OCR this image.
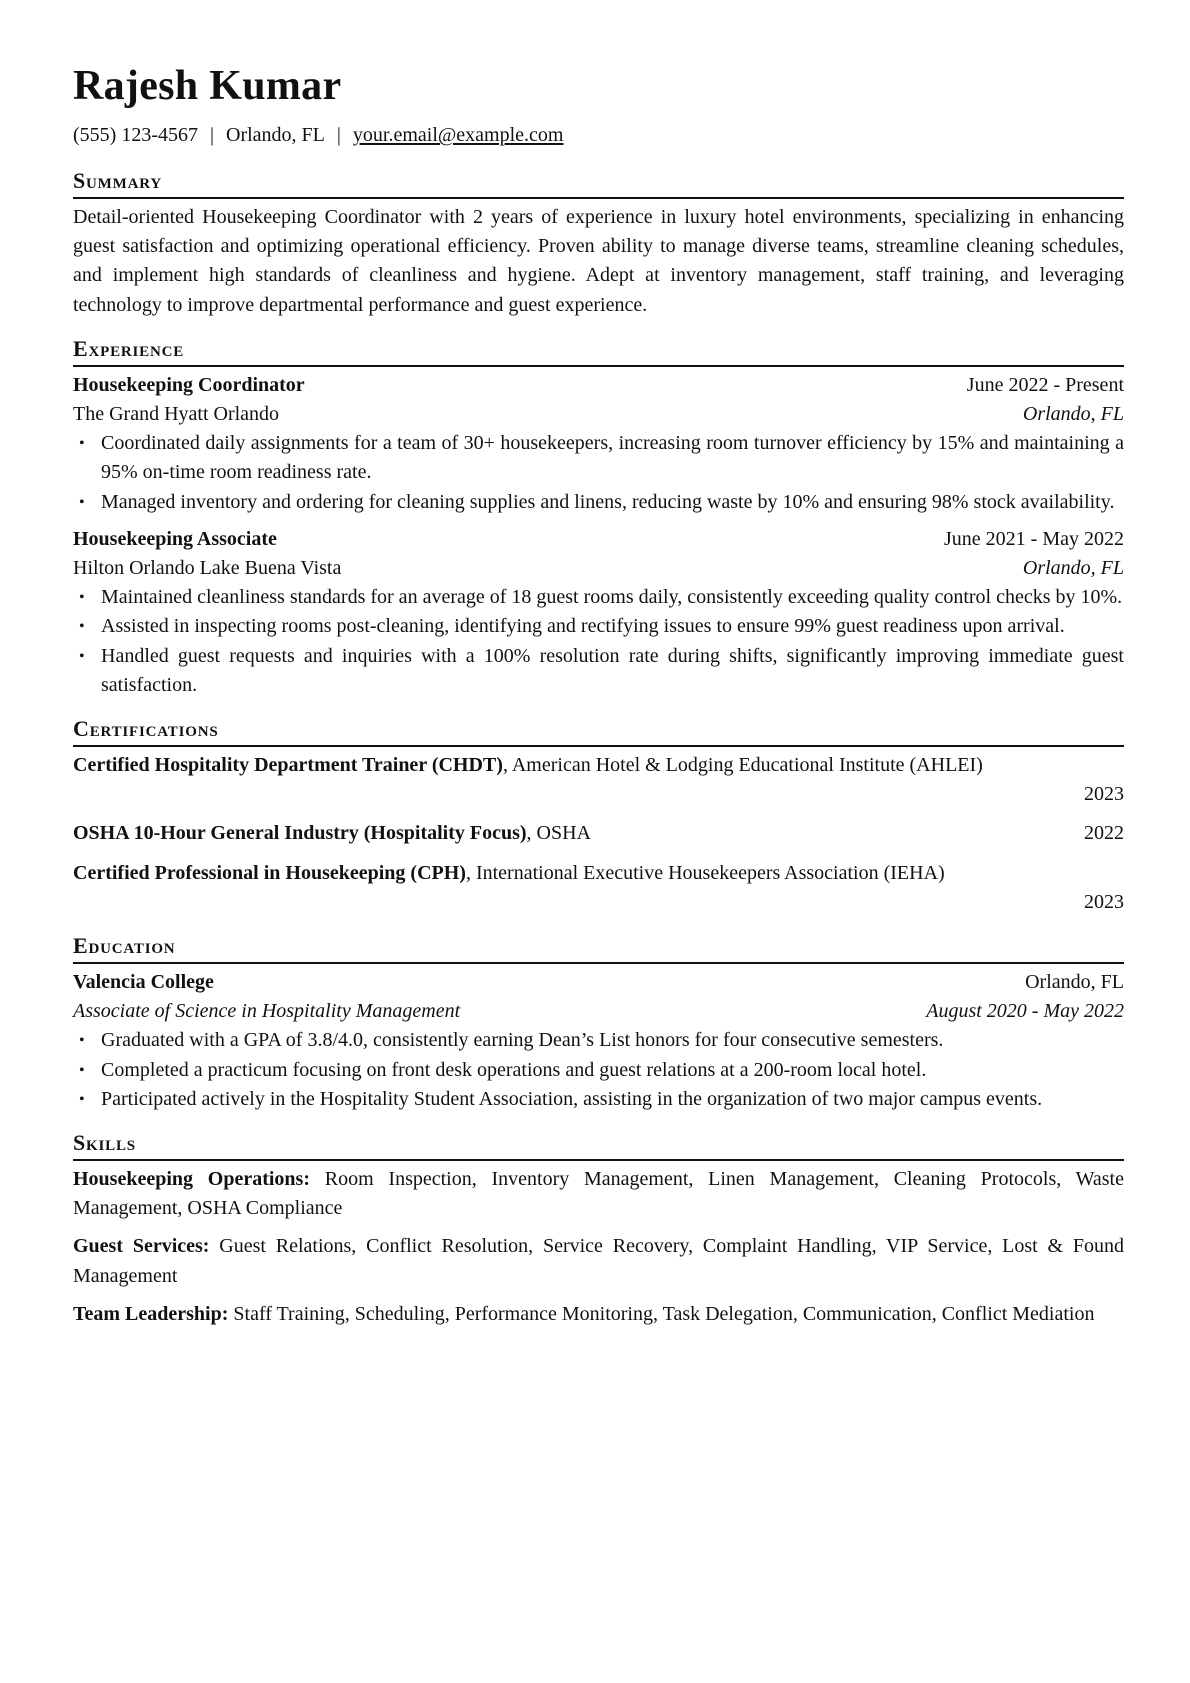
Rajesh Kumar
(555) 123-4567 | Orlando, FL | your.email@example.com
Summary

Detail-oriented Housekeeping Coordinator with 2 years of experience in luxury hotel environments, specializing in enhancing guest satisfaction and optimizing operational efficiency. Proven ability to manage diverse teams, streamline cleaning schedules, and implement high standards of cleanliness and hygiene. Adept at inventory management, staff training, and leveraging technology to improve departmental performance and guest experience.

Experience
Housekeeping Coordinator	June 2022 - Present
The Grand Hyatt Orlando	Orlando, FL
• Coordinated daily assignments for a team of 30+ housekeepers, increasing room turnover efficiency by 15% and maintaining a 95% on-time room readiness rate.
• Managed inventory and ordering for cleaning supplies and linens, reducing waste by 10% and ensuring 98% stock availability.
Housekeeping Associate	June 2021 - May 2022
Hilton Orlando Lake Buena Vista	Orlando, FL
• Maintained cleanliness standards for an average of 18 guest rooms daily, consistently exceeding quality control checks by 10%.
• Assisted in inspecting rooms post-cleaning, identifying and rectifying issues to ensure 99% guest readiness upon arrival.
• Handled guest requests and inquiries with a 100% resolution rate during shifts, significantly improving immediate guest satisfaction.
Certifications
Certified Hospitality Department Trainer (CHDT), American Hotel & Lodging Educational Institute (AHLEI)
2023
OSHA 10-Hour General Industry (Hospitality Focus), OSHA	2022
Certified Professional in Housekeeping (CPH), International Executive Housekeepers Association (IEHA)
2023
Education
Valencia College	Orlando, FL
Associate of Science in Hospitality Management	August 2020 - May 2022
• Graduated with a GPA of 3.8/4.0, consistently earning Dean’s List honors for four consecutive semesters.
• Completed a practicum focusing on front desk operations and guest relations at a 200-room local hotel.
• Participated actively in the Hospitality Student Association, assisting in the organization of two major campus events.
Skills
Housekeeping Operations: Room Inspection, Inventory Management, Linen Management, Cleaning Protocols, Waste Management, OSHA Compliance
Guest Services: Guest Relations, Conflict Resolution, Service Recovery, Complaint Handling, VIP Service, Lost & Found Management
Team Leadership: Staff Training, Scheduling, Performance Monitoring, Task Delegation, Communication, Conflict Mediation
